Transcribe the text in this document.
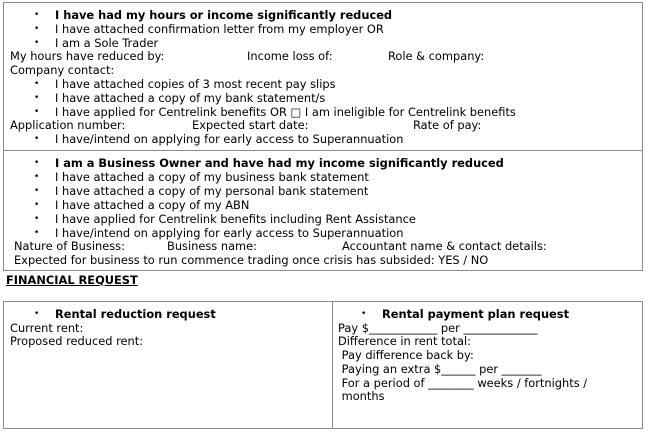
•

I have had my hours or income significantly reduced

•

I have attached confirmation letter from my employer OR

•

I am a Sole Trader

My hours have reduced by:	Income loss of:	Role & company:
Company contact:

•

I have attached copies of 3 most recent pay slips

•

I have attached a copy of my bank statement/s

•

I have applied for Centrelink benefits OR □ I am ineligible for Centrelink benefits

Application number:	Expected start date:	Rate of pay:

•

I have/intend on applying for early access to Superannuation

•

I am a Business Owner and have had my income significantly reduced

•

I have attached a copy of my business bank statement

•

I have attached a copy of my personal bank statement

•

I have attached a copy of my ABN

•

I have applied for Centrelink benefits including Rent Assistance

•

I have/intend on applying for early access to Superannuation

Nature of Business:	Business name:	Accountant name & contact details:
Expected for business to run commence trading once crisis has subsided: YES / NO
FINANCIAL REQUEST

•

Rental reduction request

Current rent:
Proposed reduced rent:

•

Rental payment plan request

Pay $____________ per _____________
Difference in rent total:
Pay difference back by:
Paying an extra $______ per _______
For a period of ________ weeks / fortnights /
months
